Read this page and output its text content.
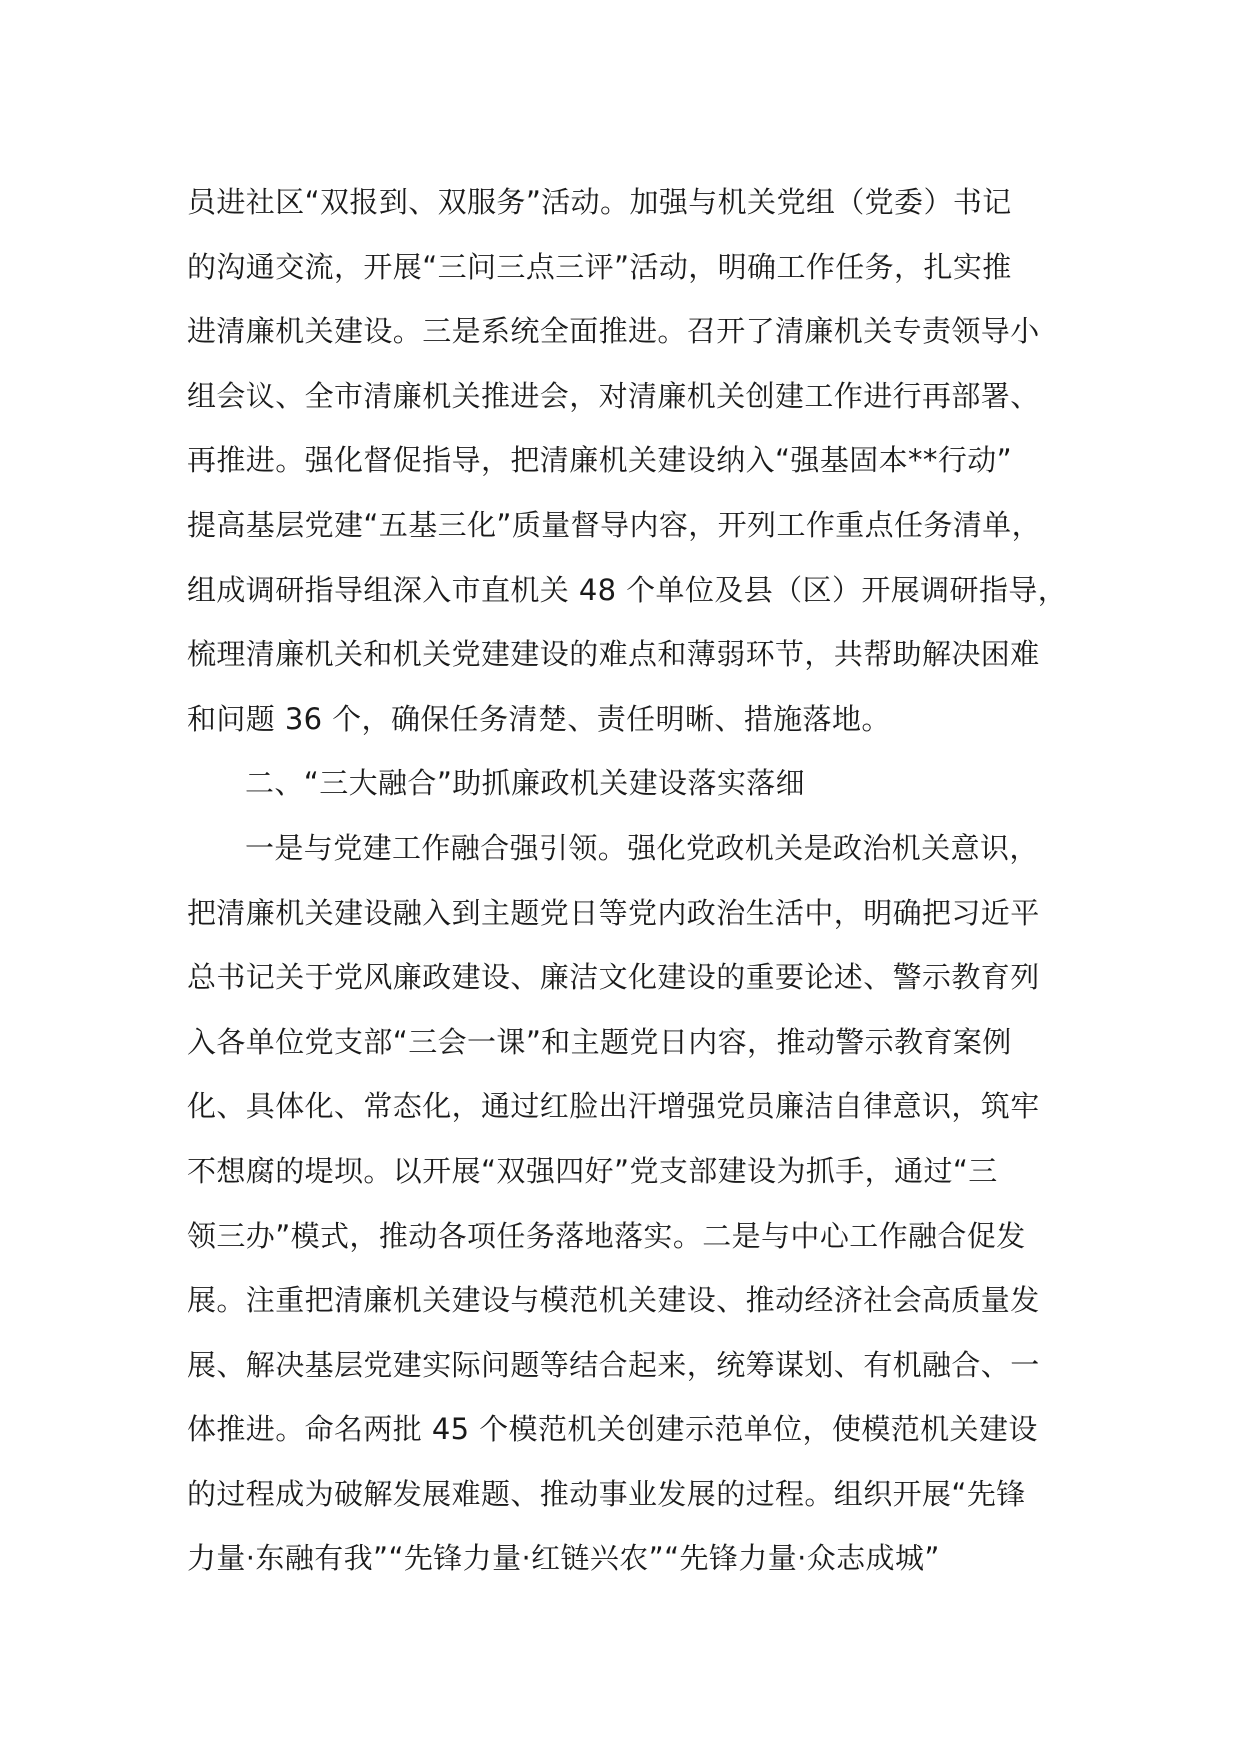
员进社区“双报到、双服务”活动。加强与机关党组（党委）书记
的沟通交流，开展“三问三点三评”活动，明确工作任务，扎实推
进清廉机关建设。三是系统全面推进。召开了清廉机关专责领导小
组会议、全市清廉机关推进会，对清廉机关创建工作进行再部署、
再推进。强化督促指导，把清廉机关建设纳入“强基固本**行动”
提高基层党建“五基三化”质量督导内容，开列工作重点任务清单，
组成调研指导组深入市直机关 48 个单位及县（区）开展调研指导，
梳理清廉机关和机关党建建设的难点和薄弱环节，共帮助解决困难
和问题 36 个，确保任务清楚、责任明晰、措施落地。
二、“三大融合”助抓廉政机关建设落实落细
一是与党建工作融合强引领。强化党政机关是政治机关意识，
把清廉机关建设融入到主题党日等党内政治生活中，明确把习近平
总书记关于党风廉政建设、廉洁文化建设的重要论述、警示教育列
入各单位党支部“三会一课”和主题党日内容，推动警示教育案例
化、具体化、常态化，通过红脸出汗增强党员廉洁自律意识，筑牢
不想腐的堤坝。以开展“双强四好”党支部建设为抓手，通过“三
领三办”模式，推动各项任务落地落实。二是与中心工作融合促发
展。注重把清廉机关建设与模范机关建设、推动经济社会高质量发
展、解决基层党建实际问题等结合起来，统筹谋划、有机融合、一
体推进。命名两批 45 个模范机关创建示范单位，使模范机关建设
的过程成为破解发展难题、推动事业发展的过程。组织开展“先锋
力量·东融有我”“先锋力量·红链兴农”“先锋力量·众志成城”
